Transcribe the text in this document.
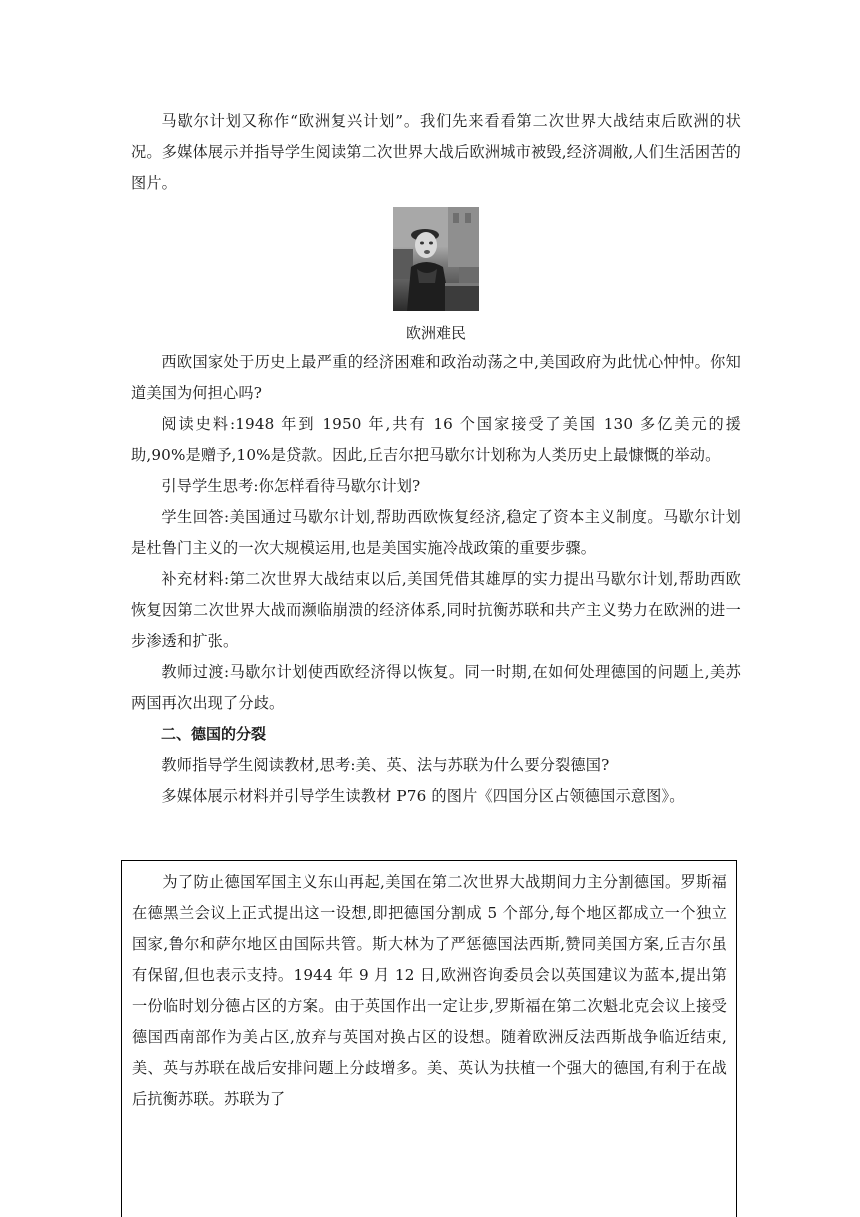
马歇尔计划又称作“欧洲复兴计划”。我们先来看看第二次世界大战结束后欧洲的状况。多媒体展示并指导学生阅读第二次世界大战后欧洲城市被毁,经济凋敝,人们生活困苦的图片。

欧洲难民

西欧国家处于历史上最严重的经济困难和政治动荡之中,美国政府为此忧心忡忡。你知道美国为何担心吗?

阅读史料:1948 年到 1950 年,共有 16 个国家接受了美国 130 多亿美元的援助,90%是赠予,10%是贷款。因此,丘吉尔把马歇尔计划称为人类历史上最慷慨的举动。

引导学生思考:你怎样看待马歇尔计划?

学生回答:美国通过马歇尔计划,帮助西欧恢复经济,稳定了资本主义制度。马歇尔计划是杜鲁门主义的一次大规模运用,也是美国实施冷战政策的重要步骤。

补充材料:第二次世界大战结束以后,美国凭借其雄厚的实力提出马歇尔计划,帮助西欧恢复因第二次世界大战而濒临崩溃的经济体系,同时抗衡苏联和共产主义势力在欧洲的进一步渗透和扩张。

教师过渡:马歇尔计划使西欧经济得以恢复。同一时期,在如何处理德国的问题上,美苏两国再次出现了分歧。

二、德国的分裂

教师指导学生阅读教材,思考:美、英、法与苏联为什么要分裂德国?

多媒体展示材料并引导学生读教材 P76 的图片《四国分区占领德国示意图》。

为了防止德国军国主义东山再起,美国在第二次世界大战期间力主分割德国。罗斯福在德黑兰会议上正式提出这一设想,即把德国分割成 5 个部分,每个地区都成立一个独立国家,鲁尔和萨尔地区由国际共管。斯大林为了严惩德国法西斯,赞同美国方案,丘吉尔虽有保留,但也表示支持。1944 年 9 月 12 日,欧洲咨询委员会以英国建议为蓝本,提出第一份临时划分德占区的方案。由于英国作出一定让步,罗斯福在第二次魁北克会议上接受德国西南部作为美占区,放弃与英国对换占区的设想。随着欧洲反法西斯战争临近结束,美、英与苏联在战后安排问题上分歧增多。美、英认为扶植一个强大的德国,有利于在战后抗衡苏联。苏联为了
